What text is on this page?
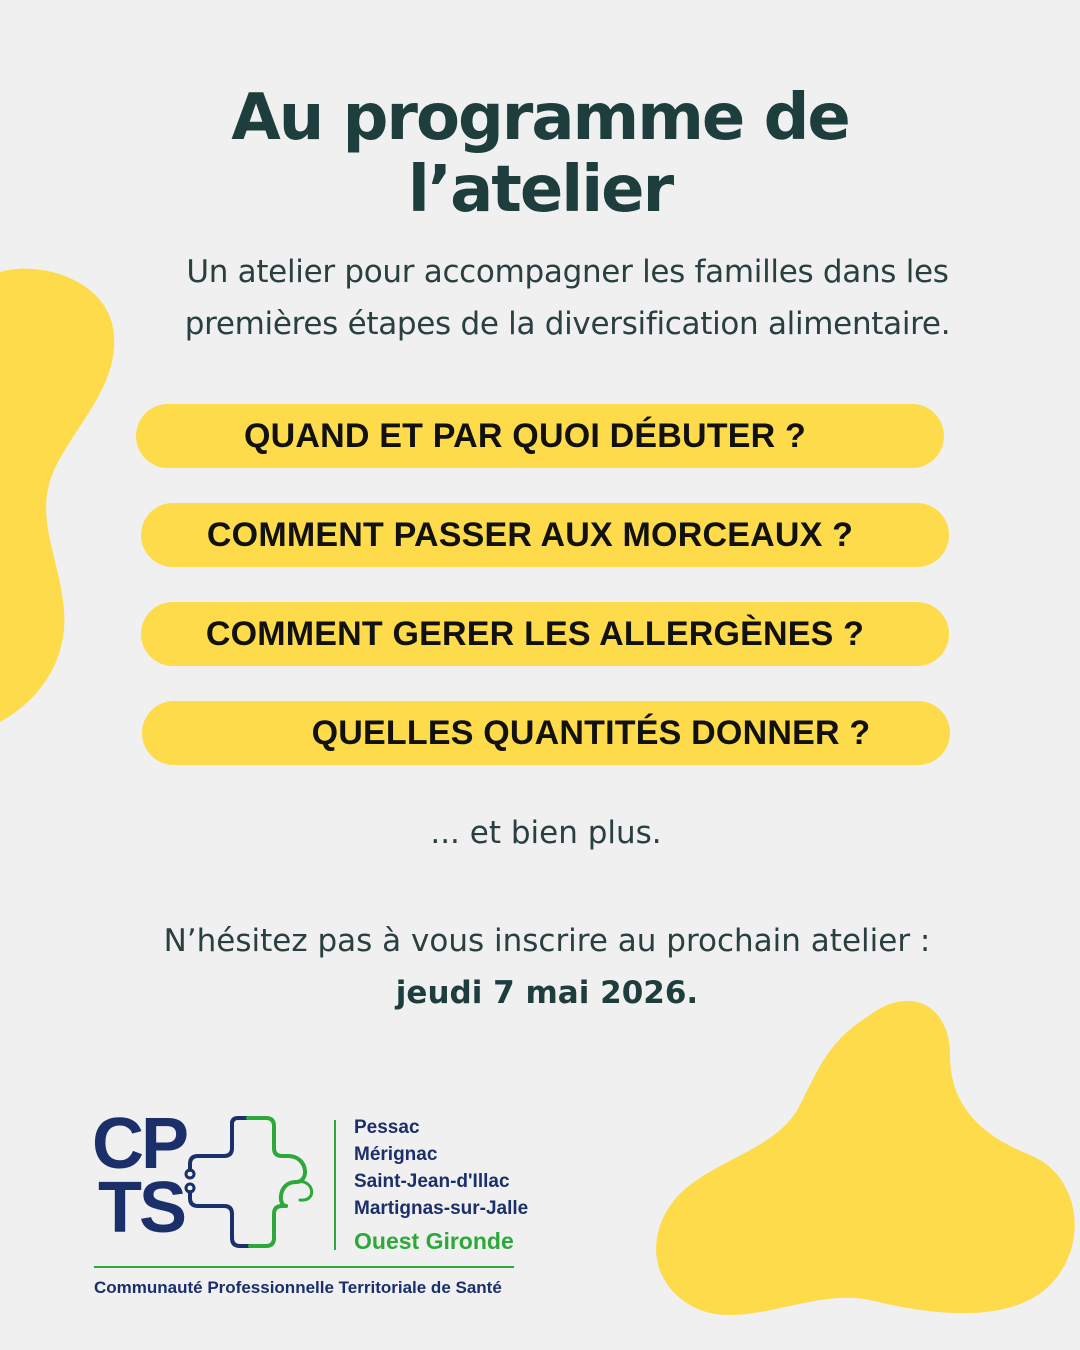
Au programme de
l’atelier

Un atelier pour accompagner les familles dans les
premières étapes de la diversification alimentaire.

QUAND ET PAR QUOI DÉBUTER ?
COMMENT PASSER AUX MORCEAUX ?
COMMENT GERER LES ALLERGÈNES ?
QUELLES QUANTITÉS DONNER ?
... et bien plus.
N’hésitez pas à vous inscrire au prochain atelier :
jeudi 7 mai 2026.
CP
TS
Pessac
Mérignac
Saint-Jean-d'Illac
Martignas-sur-Jalle
Ouest Gironde
Communauté Professionnelle Territoriale de Santé
